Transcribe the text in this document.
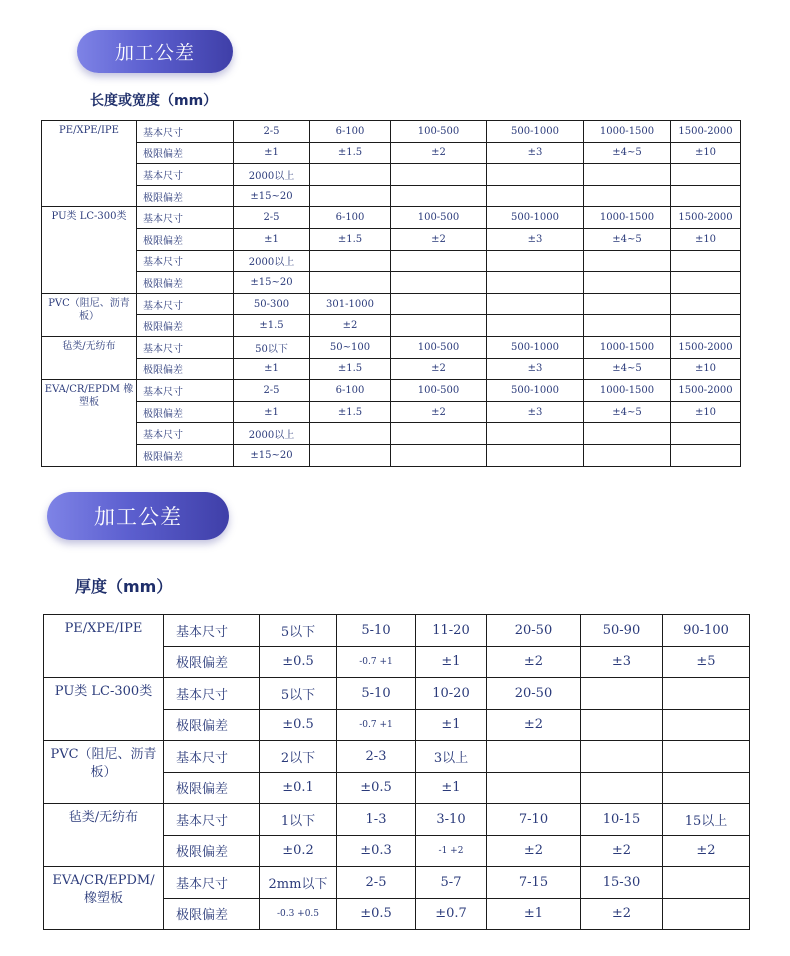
加工公差
长度或宽度（mm）
PE/XPE/IPE	基本尺寸	2-5	6-100	100-500	500-1000	1000-1500	1500-2000
	极限偏差	±1	±1.5	±2	±3	±4~5	±10
	基本尺寸	2000以上					
	极限偏差	±15~20					
PU类 LC-300类	基本尺寸	2-5	6-100	100-500	500-1000	1000-1500	1500-2000
	极限偏差	±1	±1.5	±2	±3	±4~5	±10
	基本尺寸	2000以上					
	极限偏差	±15~20					
PVC（阻尼、沥青板）	基本尺寸	50-300	301-1000				
	极限偏差	±1.5	±2				
毡类/无纺布	基本尺寸	50以下	50~100	100-500	500-1000	1000-1500	1500-2000
	极限偏差	±1	±1.5	±2	±3	±4~5	±10
EVA/CR/EPDM 橡塑板	基本尺寸	2-5	6-100	100-500	500-1000	1000-1500	1500-2000
	极限偏差	±1	±1.5	±2	±3	±4~5	±10
	基本尺寸	2000以上					
	极限偏差	±15~20					
加工公差
厚度（mm）
PE/XPE/IPE	基本尺寸	5以下	5-10	11-20	20-50	50-90	90-100
	极限偏差	±0.5	-0.7 +1	±1	±2	±3	±5
PU类 LC-300类	基本尺寸	5以下	5-10	10-20	20-50		
	极限偏差	±0.5	-0.7 +1	±1	±2		
PVC（阻尼、沥青板）	基本尺寸	2以下	2-3	3以上			
	极限偏差	±0.1	±0.5	±1			
毡类/无纺布	基本尺寸	1以下	1-3	3-10	7-10	10-15	15以上
	极限偏差	±0.2	±0.3	-1 +2	±2	±2	±2
EVA/CR/EPDM/ 橡塑板	基本尺寸	2mm以下	2-5	5-7	7-15	15-30	
	极限偏差	-0.3 +0.5	±0.5	±0.7	±1	±2	
